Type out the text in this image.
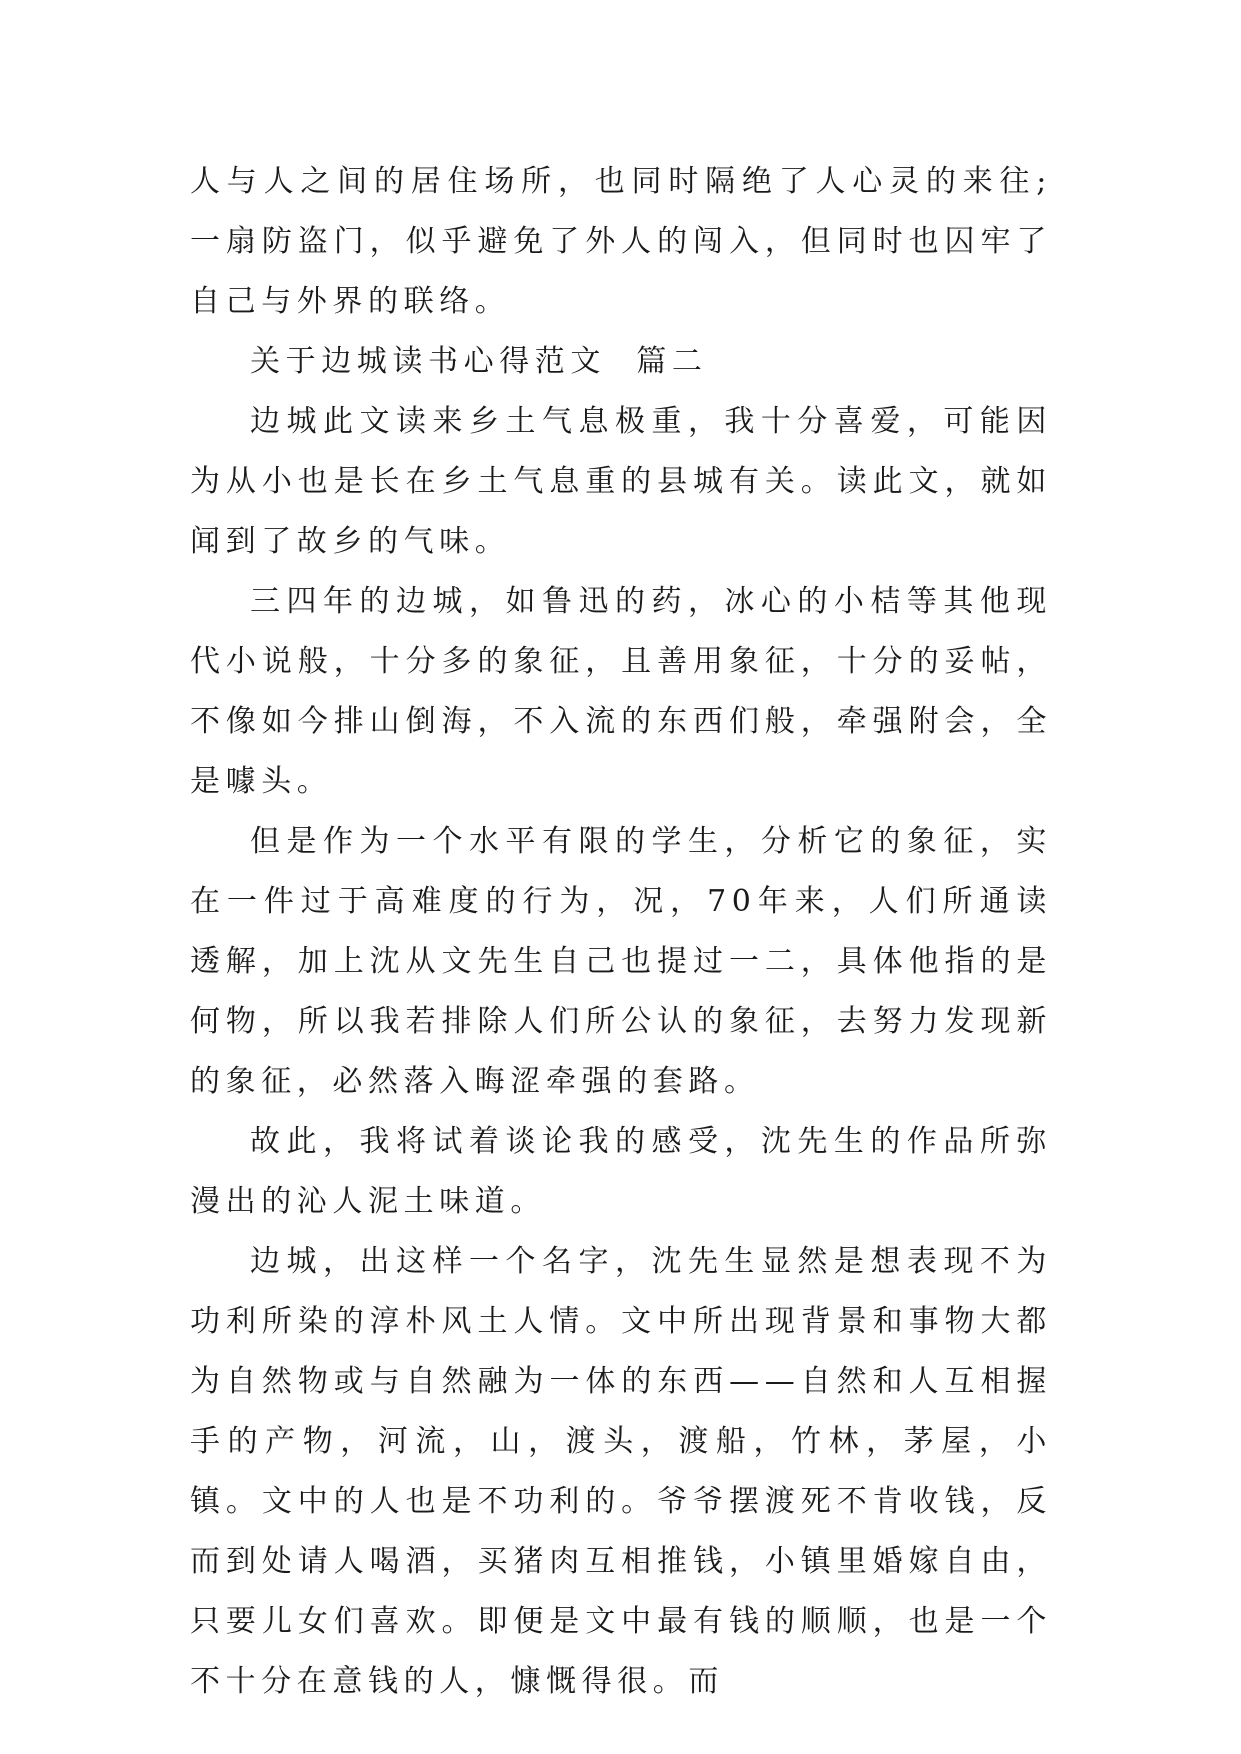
人与人之间的居住场所，也同时隔绝了人心灵的来往;一扇防盗门，似乎避免了外人的闯入，但同时也囚牢了自己与外界的联络。

关于边城读书心得范文  篇二

边城此文读来乡土气息极重，我十分喜爱，可能因为从小也是长在乡土气息重的县城有关。读此文，就如闻到了故乡的气味。

三四年的边城，如鲁迅的药，冰心的小桔等其他现代小说般，十分多的象征，且善用象征，十分的妥帖，不像如今排山倒海，不入流的东西们般，牵强附会，全是噱头。

但是作为一个水平有限的学生，分析它的象征，实在一件过于高难度的行为，况，70年来，人们所通读透解，加上沈从文先生自己也提过一二，具体他指的是何物，所以我若排除人们所公认的象征，去努力发现新的象征，必然落入晦涩牵强的套路。

故此，我将试着谈论我的感受，沈先生的作品所弥漫出的沁人泥土味道。

边城，出这样一个名字，沈先生显然是想表现不为功利所染的淳朴风土人情。文中所出现背景和事物大都为自然物或与自然融为一体的东西——自然和人互相握手的产物，河流，山，渡头，渡船，竹林，茅屋，小镇。文中的人也是不功利的。爷爷摆渡死不肯收钱，反而到处请人喝酒，买猪肉互相推钱，小镇里婚嫁自由，只要儿女们喜欢。即便是文中最有钱的顺顺，也是一个不十分在意钱的人，慷慨得很。而
